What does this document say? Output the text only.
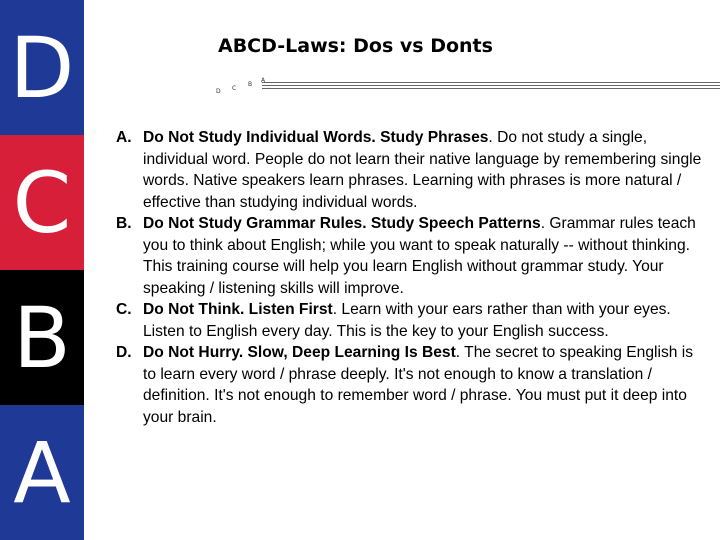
D
C
B
A
ABCD-Laws: Dos vs Donts
D C
B
A
A. Do Not Study Individual Words. Study Phrases. Do not study a single, individual word. People do not learn their native language by remembering single words. Native speakers learn phrases. Learning with phrases is more natural / effective than studying individual words.
B. Do Not Study Grammar Rules. Study Speech Patterns. Grammar rules teach you to think about English; while you want to speak naturally -- without thinking. This training course will help you learn English without grammar study. Your speaking / listening skills will improve.
C. Do Not Think. Listen First. Learn with your ears rather than with your eyes. Listen to English every day. This is the key to your English success.
D. Do Not Hurry. Slow, Deep Learning Is Best. The secret to speaking English is to learn every word / phrase deeply. It's not enough to know a translation / definition. It's not enough to remember word / phrase. You must put it deep into your brain.
